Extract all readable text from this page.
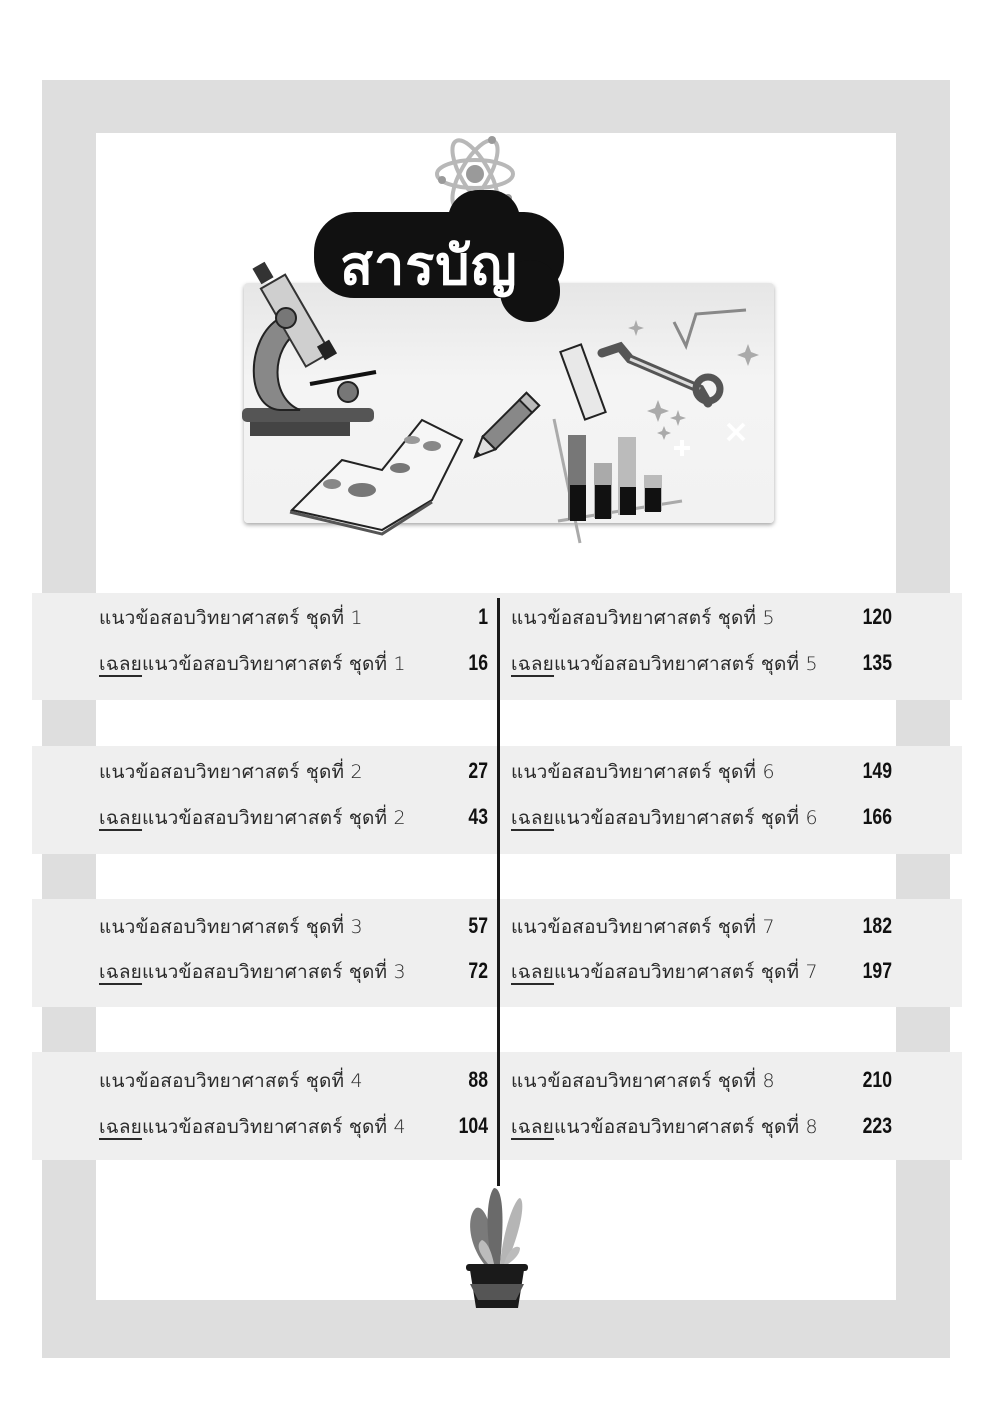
สารบัญ
แนวข้อสอบวิทยาศาสตร์ ชุดที่ 1
เฉลยแนวข้อสอบวิทยาศาสตร์ ชุดที่ 1
แนวข้อสอบวิทยาศาสตร์ ชุดที่ 2
เฉลยแนวข้อสอบวิทยาศาสตร์ ชุดที่ 2
แนวข้อสอบวิทยาศาสตร์ ชุดที่ 3
เฉลยแนวข้อสอบวิทยาศาสตร์ ชุดที่ 3
แนวข้อสอบวิทยาศาสตร์ ชุดที่ 4
เฉลยแนวข้อสอบวิทยาศาสตร์ ชุดที่ 4
1
16
27
43
57
72
88
104
แนวข้อสอบวิทยาศาสตร์ ชุดที่ 5
เฉลยแนวข้อสอบวิทยาศาสตร์ ชุดที่ 5
แนวข้อสอบวิทยาศาสตร์ ชุดที่ 6
เฉลยแนวข้อสอบวิทยาศาสตร์ ชุดที่ 6
แนวข้อสอบวิทยาศาสตร์ ชุดที่ 7
เฉลยแนวข้อสอบวิทยาศาสตร์ ชุดที่ 7
แนวข้อสอบวิทยาศาสตร์ ชุดที่ 8
เฉลยแนวข้อสอบวิทยาศาสตร์ ชุดที่ 8
120
135
149
166
182
197
210
223
